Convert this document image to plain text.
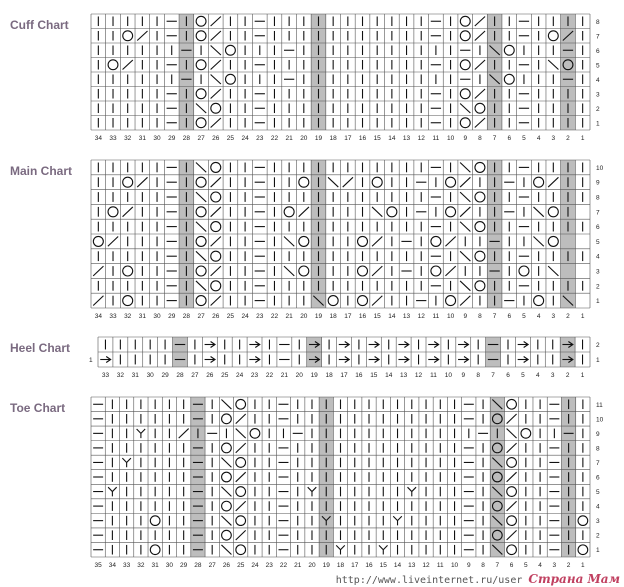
Cuff Chart
Main Chart
Heel Chart
Toe Chart
34 33 32 31 30 29 28 27 26 25 24 23 22 21 20 19 18 17 16 15 14 13 12 11 10 9 8 7 6 5 4 3 2 1
8
7
6
5
4
3
2
1
34 33 32 31 30 29 28 27 26 25 24 23 22 21 20 19 18 17 16 15 14 13 12 11 10 9 8 7 6 5 4 3 2 1
10
9
8
7
6
5
4
3
2
1
33 32 31 30 29 28 27 26 25 24 23 22 21 20 19 18 17 16 15 14 13 12 11 10 9 8 7 6 5 4 3 2 1
2
1
35 34 33 32 31 30 29 28 27 26 25 24 23 22 21 20 19 18 17 16 15 14 13 12 11 10 9 8 7 6 5 4 3 2 1
11
10
9
8
7
6
5
4
3
2
1
1
http://www.liveinternet.ru/user Страна Мам
